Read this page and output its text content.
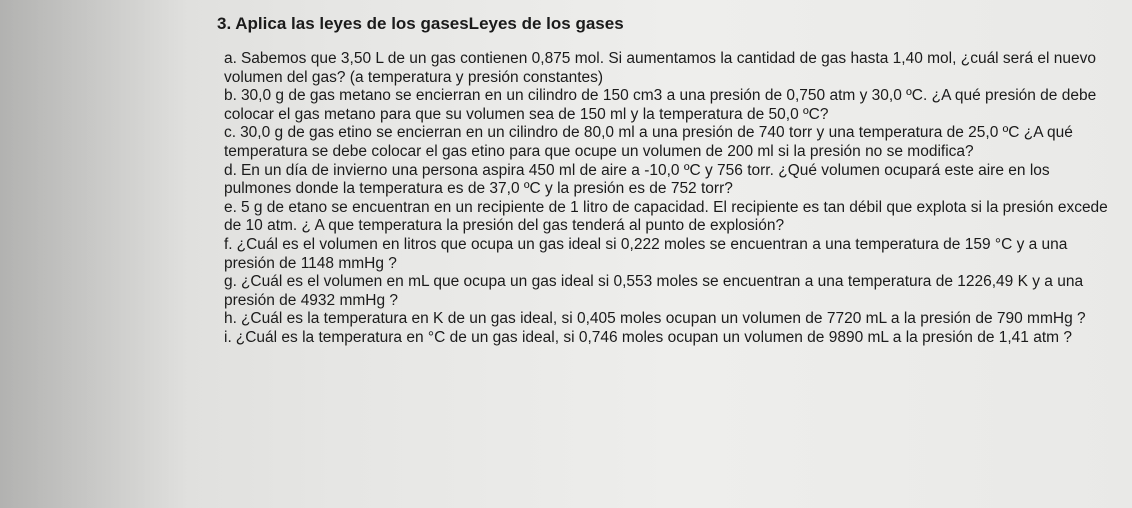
3. Aplica las leyes de los gasesLeyes de los gases
a. Sabemos que 3,50 L de un gas contienen 0,875 mol. Si aumentamos la cantidad de gas hasta 1,40 mol, ¿cuál será el nuevo volumen del gas? (a temperatura y presión constantes)
b. 30,0 g de gas metano se encierran en un cilindro de 150 cm3 a una presión de 0,750 atm y 30,0 ºC. ¿A qué presión de debe colocar el gas metano para que su volumen sea de 150 ml y la temperatura de 50,0 ºC?
c. 30,0 g de gas etino se encierran en un cilindro de 80,0 ml a una presión de 740 torr y una temperatura de 25,0 ºC ¿A qué temperatura se debe colocar el gas etino para que ocupe un volumen de 200 ml si la presión no se modifica?
d. En un día de invierno una persona aspira 450 ml de aire a -10,0 ºC y 756 torr. ¿Qué volumen ocupará este aire en los pulmones donde la temperatura es de 37,0 ºC y la presión es de 752 torr?
e. 5 g de etano se encuentran en un recipiente de 1 litro de capacidad. El recipiente es tan débil que explota si la presión excede de 10 atm. ¿ A que temperatura la presión del gas tenderá al punto de explosión?
f. ¿Cuál es el volumen en litros que ocupa un gas ideal si 0,222 moles se encuentran a una temperatura de 159 °C y a una presión de 1148 mmHg ?
g. ¿Cuál es el volumen en mL que ocupa un gas ideal si 0,553 moles se encuentran a una temperatura de 1226,49 K y a una presión de 4932 mmHg ?
h. ¿Cuál es la temperatura en K de un gas ideal, si 0,405 moles ocupan un volumen de 7720 mL a la presión de 790 mmHg ?
i. ¿Cuál es la temperatura en °C de un gas ideal, si 0,746 moles ocupan un volumen de 9890 mL a la presión de 1,41 atm ?
